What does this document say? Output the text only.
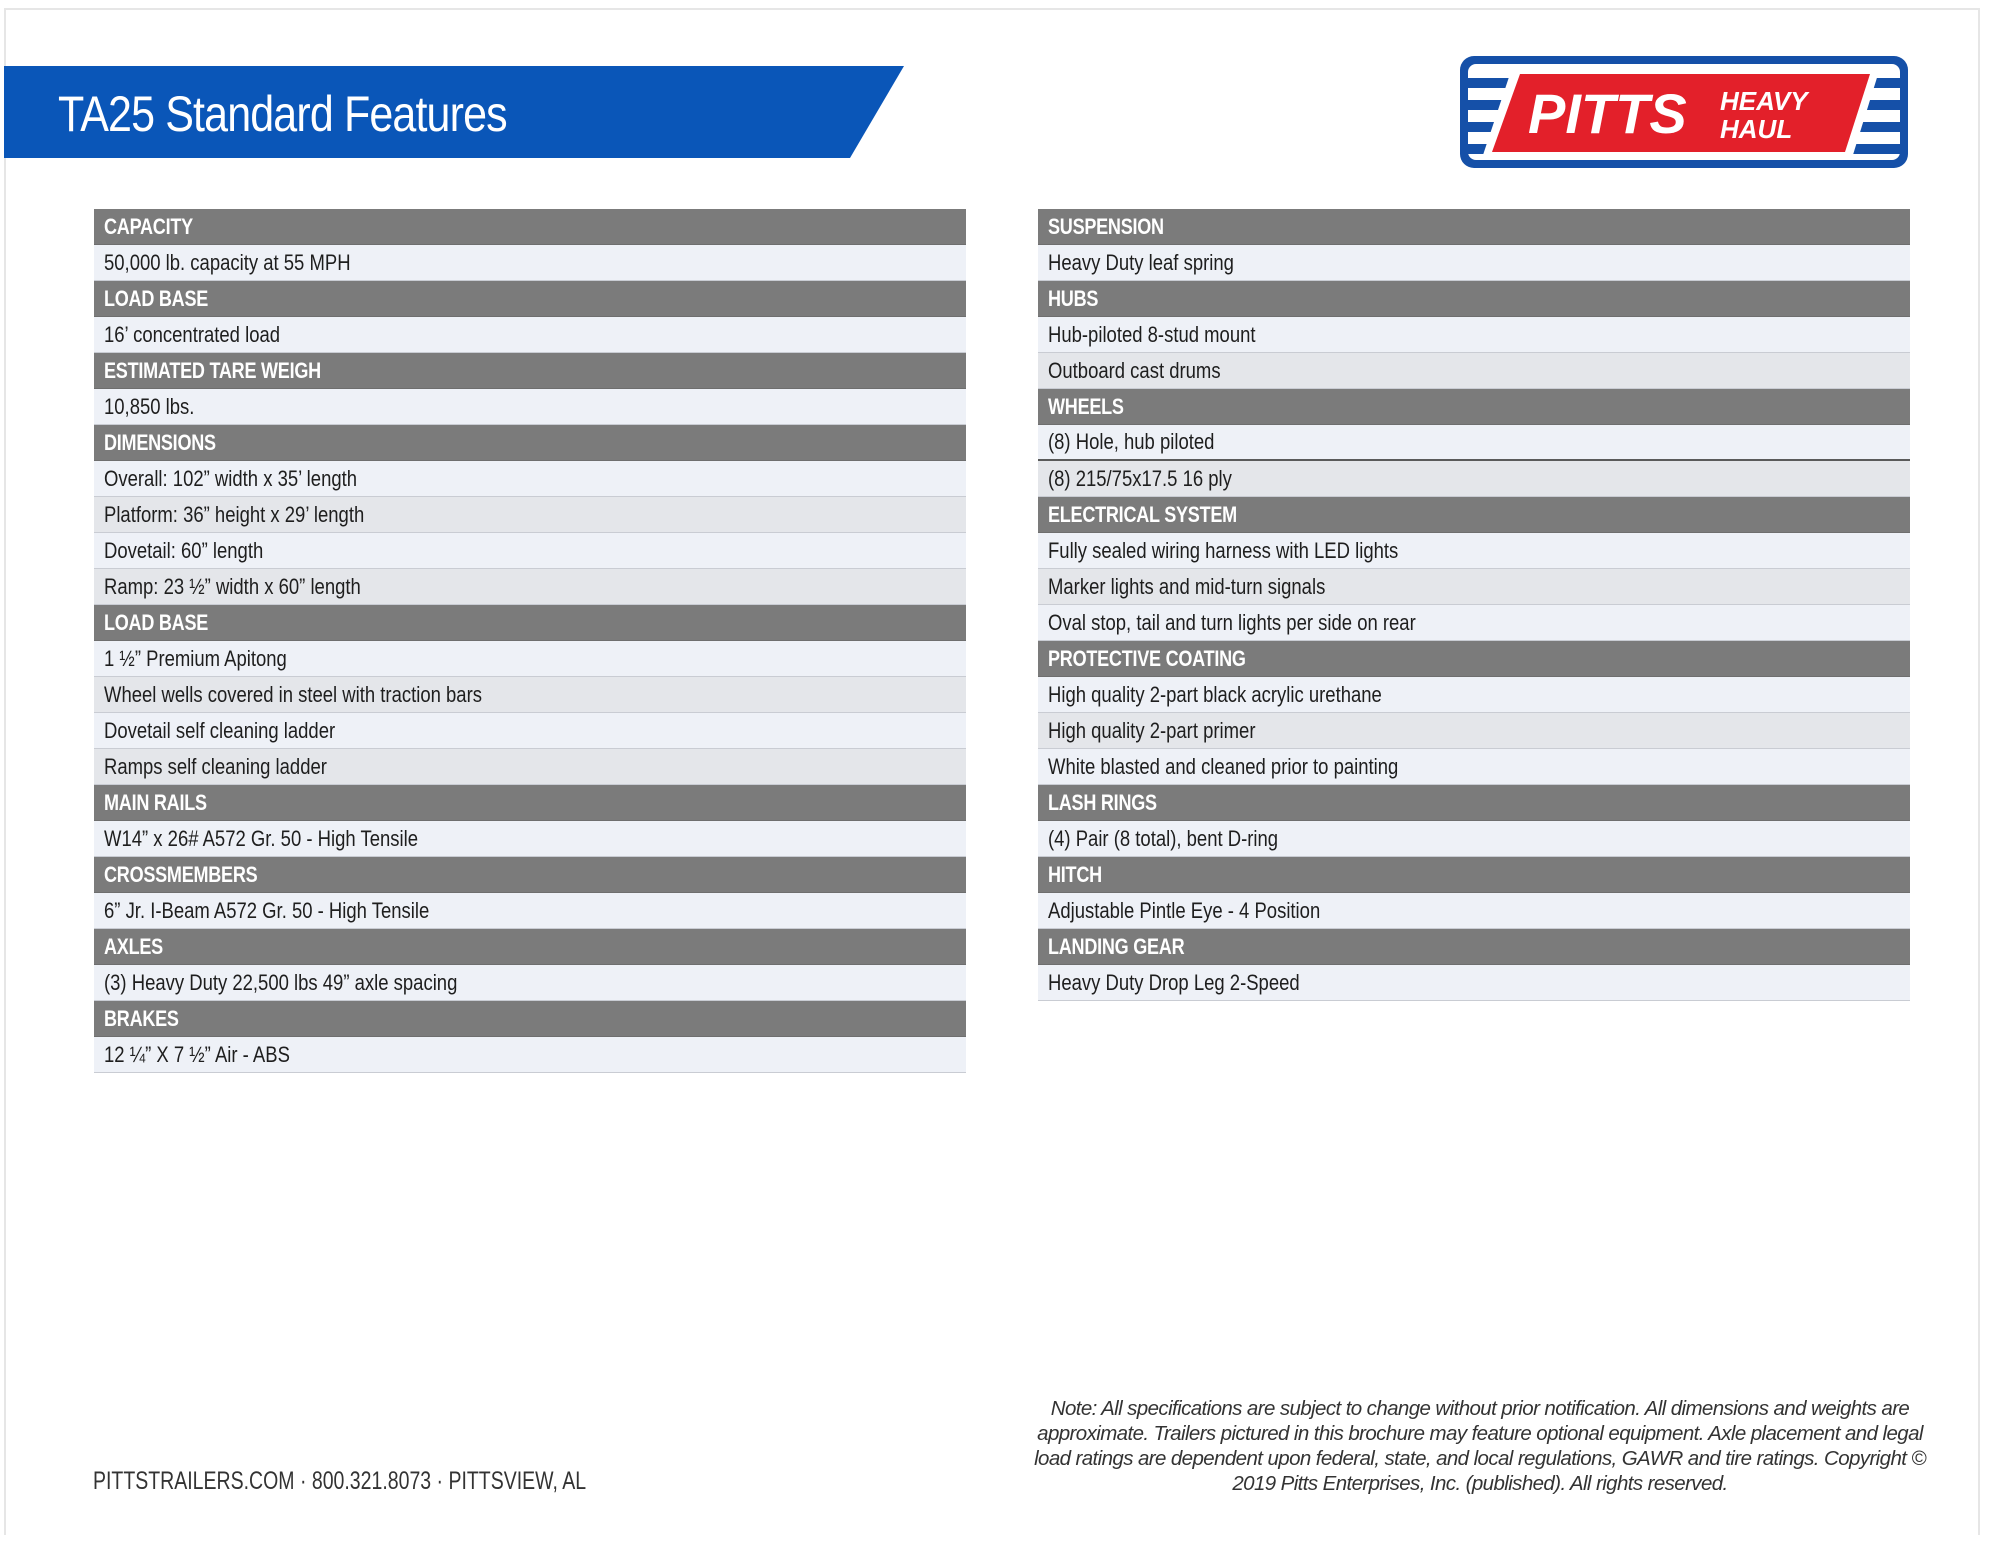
TA25 Standard Features	PITTS HEAVY
HAUL
CAPACITY
50,000 lb. capacity at 55 MPH
LOAD BASE
16’ concentrated load
ESTIMATED TARE WEIGH
10,850 lbs.
DIMENSIONS
Overall: 102” width x 35’ length
Platform: 36” height x 29’ length
Dovetail: 60” length
Ramp: 23 ½” width x 60” length
LOAD BASE
1 ½” Premium Apitong
Wheel wells covered in steel with traction bars
Dovetail self cleaning ladder
Ramps self cleaning ladder
MAIN RAILS
W14” x 26# A572 Gr. 50 - High Tensile
CROSSMEMBERS
6” Jr. I-Beam A572 Gr. 50 - High Tensile
AXLES
(3) Heavy Duty 22,500 lbs 49” axle spacing
BRAKES
12 ¼” X 7 ½” Air - ABS
SUSPENSION
Heavy Duty leaf spring
HUBS
Hub-piloted 8-stud mount
Outboard cast drums
WHEELS
(8) Hole, hub piloted
(8) 215/75x17.5 16 ply
ELECTRICAL SYSTEM
Fully sealed wiring harness with LED lights
Marker lights and mid-turn signals
Oval stop, tail and turn lights per side on rear
PROTECTIVE COATING
High quality 2-part black acrylic urethane
High quality 2-part primer
White blasted and cleaned prior to painting
LASH RINGS
(4) Pair (8 total), bent D-ring
HITCH
Adjustable Pintle Eye - 4 Position
LANDING GEAR
Heavy Duty Drop Leg 2-Speed
PITTSTRAILERS.COM · 800.321.8073 · PITTSVIEW, AL
Note: All specifications are subject to change without prior notification. All dimensions and weights are approximate. Trailers pictured in this brochure may feature optional equipment. Axle placement and legal load ratings are dependent upon federal, state, and local regulations, GAWR and tire ratings. Copyright © 2019 Pitts Enterprises, Inc. (published). All rights reserved.
